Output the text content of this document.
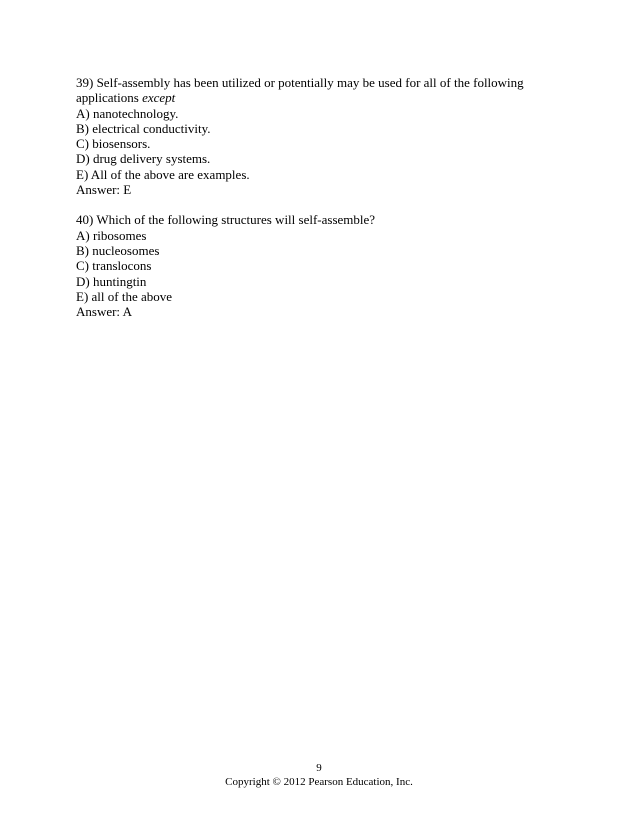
39) Self-assembly has been utilized or potentially may be used for all of the following
applications except
A) nanotechnology.
B) electrical conductivity.
C) biosensors.
D) drug delivery systems.
E) All of the above are examples.
Answer: E
40) Which of the following structures will self-assemble?
A) ribosomes
B) nucleosomes
C) translocons
D) huntingtin
E) all of the above
Answer: A
9
Copyright © 2012 Pearson Education, Inc.
